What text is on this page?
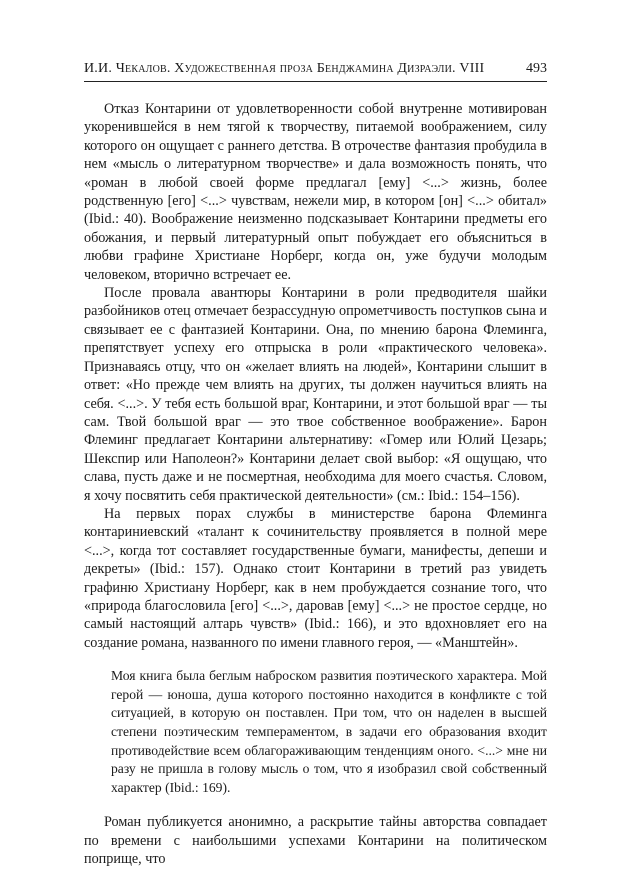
И.И. Чекалов. Художественная проза Бенджамина Дизраэли. VIII	493

Отказ Контарини от удовлетворенности собой внутренне мотивирован укоренившейся в нем тягой к творчеству, питаемой воображением, силу которого он ощущает с раннего детства. В отрочестве фантазия пробудила в нем «мысль о литературном творчестве» и дала возможность понять, что «роман в любой своей форме предлагал [ему] <...> жизнь, более родственную [его] <...> чувствам, нежели мир, в котором [он] <...> обитал» (Ibid.: 40). Воображение неизменно подсказывает Контарини предметы его обожания, и первый литературный опыт побуждает его объясниться в любви графине Христиане Норберг, когда он, уже будучи молодым человеком, вторично встречает ее.

После провала авантюры Контарини в роли предводителя шайки разбойников отец отмечает безрассудную опрометчивость поступков сына и связывает ее с фантазией Контарини. Она, по мнению барона Флеминга, препятствует успеху его отпрыска в роли «практического человека». Признаваясь отцу, что он «желает влиять на людей», Контарини слышит в ответ: «Но прежде чем влиять на других, ты должен научиться влиять на себя. <...>. У тебя есть большой враг, Контарини, и этот большой враг — ты сам. Твой большой враг — это твое собственное воображение». Барон Флеминг предлагает Контарини альтернативу: «Гомер или Юлий Цезарь; Шекспир или Наполеон?» Контарини делает свой выбор: «Я ощущаю, что слава, пусть даже и не посмертная, необходима для моего счастья. Словом, я хочу посвятить себя практической деятельности» (см.: Ibid.: 154–156).

На первых порах службы в министерстве барона Флеминга контариниевский «талант к сочинительству проявляется в полной мере <...>, когда тот составляет государственные бумаги, манифесты, депеши и декреты» (Ibid.: 157). Однако стоит Контарини в третий раз увидеть графиню Христиану Норберг, как в нем пробуждается сознание того, что «природа благословила [его] <...>, даровав [ему] <...> не простое сердце, но самый настоящий алтарь чувств» (Ibid.: 166), и это вдохновляет его на создание романа, названного по имени главного героя, — «Манштейн».

Моя книга была беглым наброском развития поэтического характера. Мой герой — юноша, душа которого постоянно находится в конфликте с той ситуацией, в которую он поставлен. При том, что он наделен в высшей степени поэтическим темпераментом, в задачи его образования входит противодействие всем облагораживающим тенденциям оного. <...> мне ни разу не пришла в голову мысль о том, что я изобразил свой собственный характер (Ibid.: 169).

Роман публикуется анонимно, а раскрытие тайны авторства совпадает по времени с наибольшими успехами Контарини на политическом поприще, что
